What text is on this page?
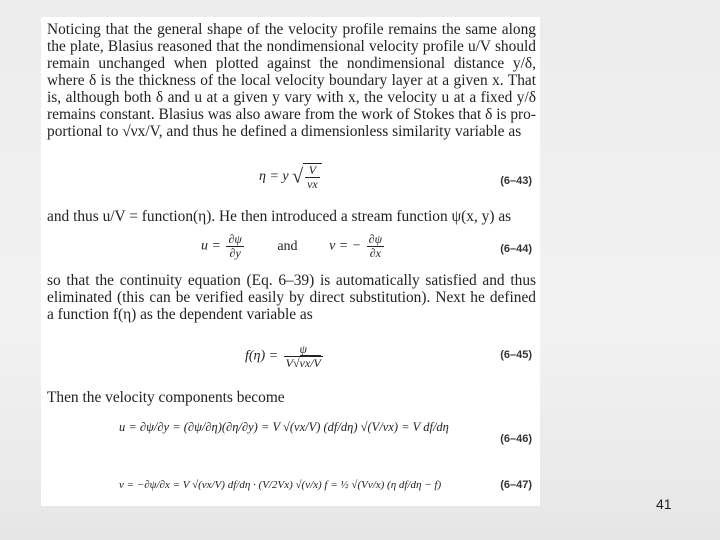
Noticing that the general shape of the velocity profile remains the same along
the plate, Blasius reasoned that the nondimensional velocity profile u/V should
remain unchanged when plotted against the nondimensional distance y/δ,
where δ is the thickness of the local velocity boundary layer at a given x. That
is, although both δ and u at a given y vary with x, the velocity u at a fixed y/δ
remains constant. Blasius was also aware from the work of Stokes that δ is pro-
portional to √νx/V, and thus he defined a dimensionless similarity variable as

η = y √ $\frac{V}{\nu x}$	(6–43)

and thus u/V = function(η). He then introduced a stream function ψ(x, y) as

$u = \frac{\partial\psi}{\partial y}$ and v = − $\frac{\partial\psi}{\partial x}$	(6–44)

so that the continuity equation (Eq. 6–39) is automatically satisfied and thus
eliminated (this can be verified easily by direct substitution). Next he defined
a function f(η) as the dependent variable as

$f(\eta) = \frac{\psi}{V√\nu x/V}$	(6–45)

Then the velocity components become

u = ∂ψ/∂y = (∂ψ/∂η)(∂η/∂y) = V √(νx/V) (df/dη) √(V/νx) = V df/dη
(6–46)
v = −∂ψ/∂x = V √(νx/V) df/dη · (V/2Vx) √(ν/x) f = ½ √(Vν/x) (η df/dη − f)	(6–47)
41
